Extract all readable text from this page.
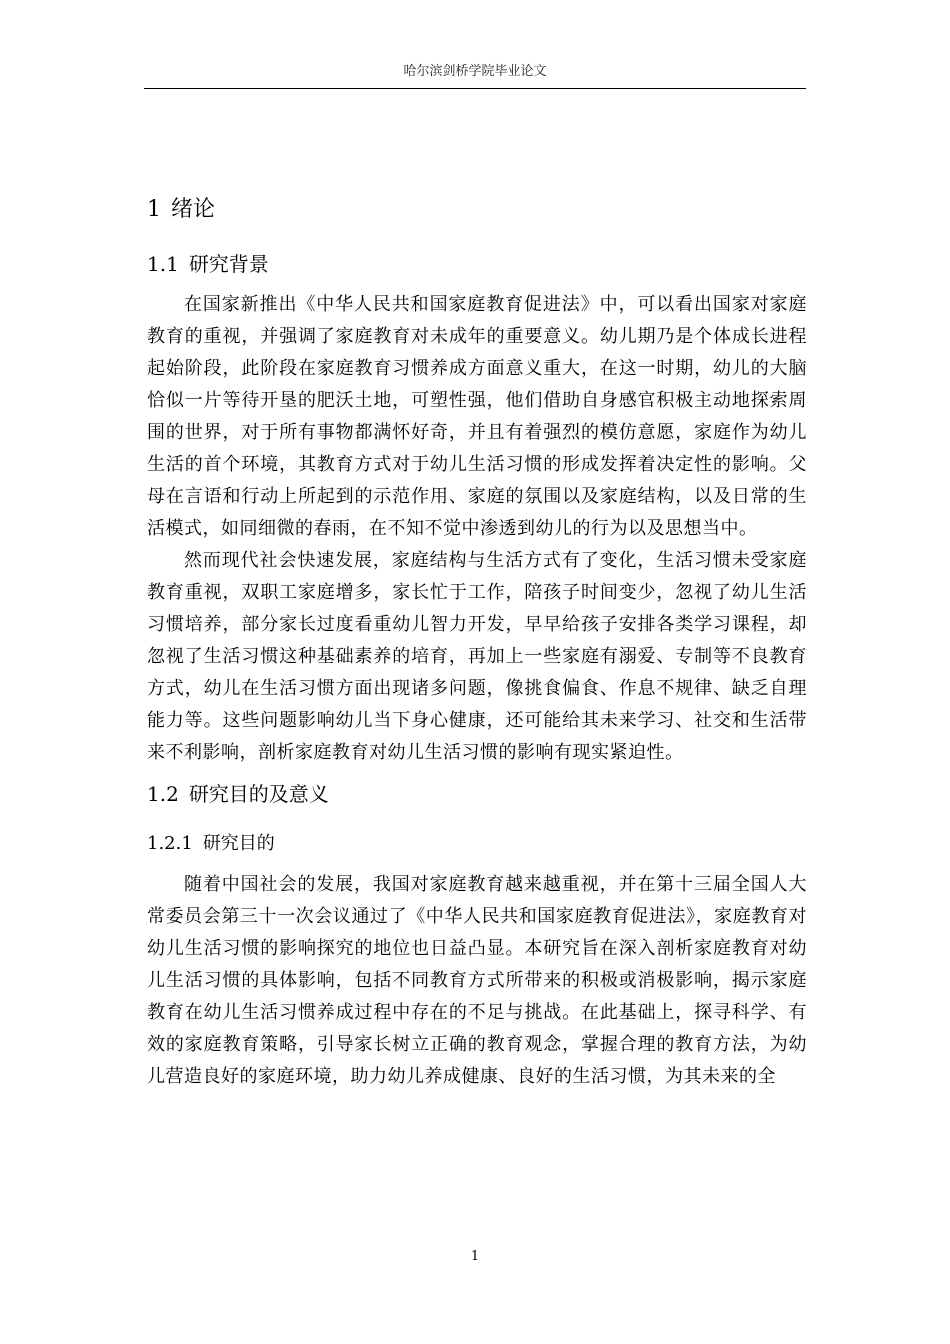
哈尔滨剑桥学院毕业论文
1 绪论
1.1 研究背景

在国家新推出《中华人民共和国家庭教育促进法》中，可以看出国家对家庭 教育的重视，并强调了家庭教育对未成年的重要意义。幼儿期乃是个体成长进程 起始阶段，此阶段在家庭教育习惯养成方面意义重大，在这一时期，幼儿的大脑 恰似一片等待开垦的肥沃土地，可塑性强，他们借助自身感官积极主动地探索周 围的世界，对于所有事物都满怀好奇，并且有着强烈的模仿意愿，家庭作为幼儿 生活的首个环境，其教育方式对于幼儿生活习惯的形成发挥着决定性的影响。父 母在言语和行动上所起到的示范作用、家庭的氛围以及家庭结构，以及日常的生 活模式，如同细微的春雨，在不知不觉中渗透到幼儿的行为以及思想当中。

然而现代社会快速发展，家庭结构与生活方式有了变化，生活习惯未受家庭 教育重视，双职工家庭增多，家长忙于工作，陪孩子时间变少，忽视了幼儿生活 习惯培养，部分家长过度看重幼儿智力开发，早早给孩子安排各类学习课程，却 忽视了生活习惯这种基础素养的培育，再加上一些家庭有溺爱、专制等不良教育 方式，幼儿在生活习惯方面出现诸多问题，像挑食偏食、作息不规律、缺乏自理 能力等。这些问题影响幼儿当下身心健康，还可能给其未来学习、社交和生活带 来不利影响，剖析家庭教育对幼儿生活习惯的影响有现实紧迫性。

1.2 研究目的及意义
1.2.1 研究目的

随着中国社会的发展，我国对家庭教育越来越重视，并在第十三届全国人大常委员会第三十一次会议通过了《中华人民共和国家庭教育促进法》，家庭教育对幼儿生活习惯的影响探究的地位也日益凸显。本研究旨在深入剖析家庭教育对幼儿生活习惯的具体影响，包括不同教育方式所带来的积极或消极影响，揭示家庭教育在幼儿生活习惯养成过程中存在的不足与挑战。在此基础上，探寻科学、有效的家庭教育策略，引导家长树立正确的教育观念，掌握合理的教育方法，为幼儿营造良好的家庭环境，助力幼儿养成健康、良好的生活习惯，为其未来的全

1
